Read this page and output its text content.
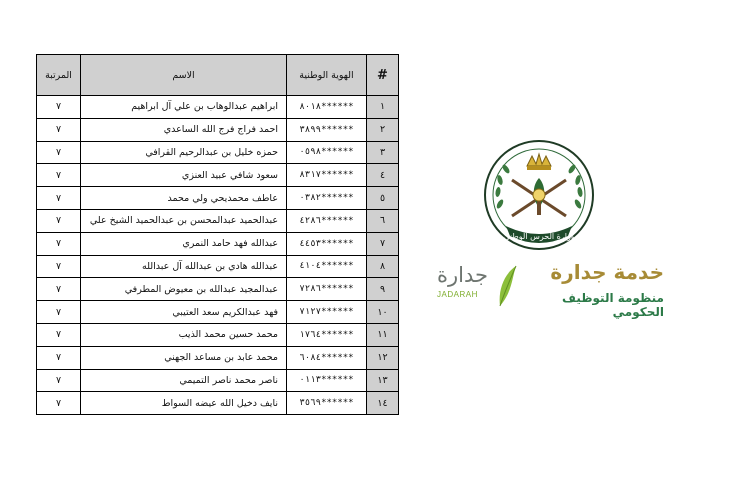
#	الهوية الوطنية	الاسم	المرتبة
١	******٨٠١٨	ابراهيم عبدالوهاب بن علي آل ابراهيم	٧
٢	******٣٨٩٩	احمد فراج فرج الله الساعدي	٧
٣	******٠٥٩٨	حمزه خليل بن عبدالرحيم القرافي	٧
٤	******٨٣١٧	سعود شافي عبيد العنزي	٧
٥	******٠٣٨٢	عاطف محمديحي ولي محمد	٧
٦	******٤٢٨٦	عبدالحميد عبدالمحسن بن عبدالحميد الشيخ علي	٧
٧	******٤٤٥٣	عبدالله فهد حامد النمري	٧
٨	******٤١٠٤	عبدالله هادي بن عبدالله آل عبدالله	٧
٩	******٧٢٨٦	عبدالمجيد عبدالله بن معيوض المطرفي	٧
١٠	******٧١٢٧	فهد عبدالكريم سعد العتيبي	٧
١١	******١٧٦٤	محمد حسين محمد الذيب	٧
١٢	******٦٠٨٤	محمد عابد بن مساعد الجهني	٧
١٣	******٠١١٣	ناصر محمد ناصر التميمي	٧
١٤	******٣٥٦٩	نايف دخيل الله عيضه السواط	٧
وزارة الحرس الوطني
جدارة
JADARAH
خدمة جدارة
منظومة التوظيف الحكومي
